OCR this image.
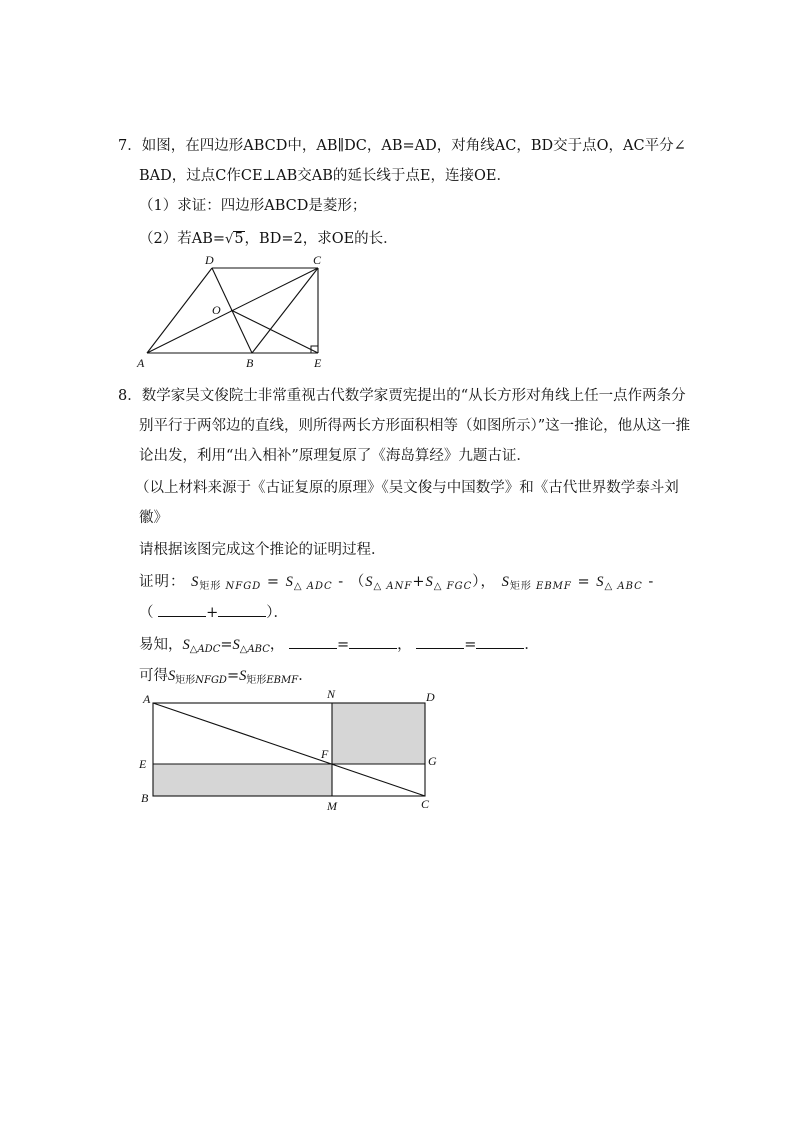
7．如图，在四边形ABCD中，AB∥DC，AB=AD，对角线AC，BD交于点O，AC平分∠
BAD，过点C作CE⊥AB交AB的延长线于点E，连接OE．
（1）求证：四边形ABCD是菱形；
（2）若AB=√5，BD=2，求OE的长．
D	C
O
A	B	E
8．数学家吴文俊院士非常重视古代数学家贾宪提出的“从长方形对角线上任一点作两条分
别平行于两邻边的直线，则所得两长方形面积相等（如图所示）”这一推论，他从这一推
论出发，利用“出入相补”原理复原了《海岛算经》九题古证．
（以上材料来源于《古证复原的原理》《吴文俊与中国数学》和《古代世界数学泰斗刘
徽》
请根据该图完成这个推论的证明过程．
证明： $S_{矩形 NFGD} = S_{\triangle ADC} - (S_{\triangle ANF}+S_{\triangle FGC})$， $S_{矩形 EBMF} = S_{\triangle ABC}$ -
（	+	）．
易知，$S_{\triangle ADC}=S_{\triangle ABC}$，	=	，	=	．
可得$S_{矩形NFGD}=S_{矩形EBMF}$．
A	N	D
E
F	G
B
M	C
